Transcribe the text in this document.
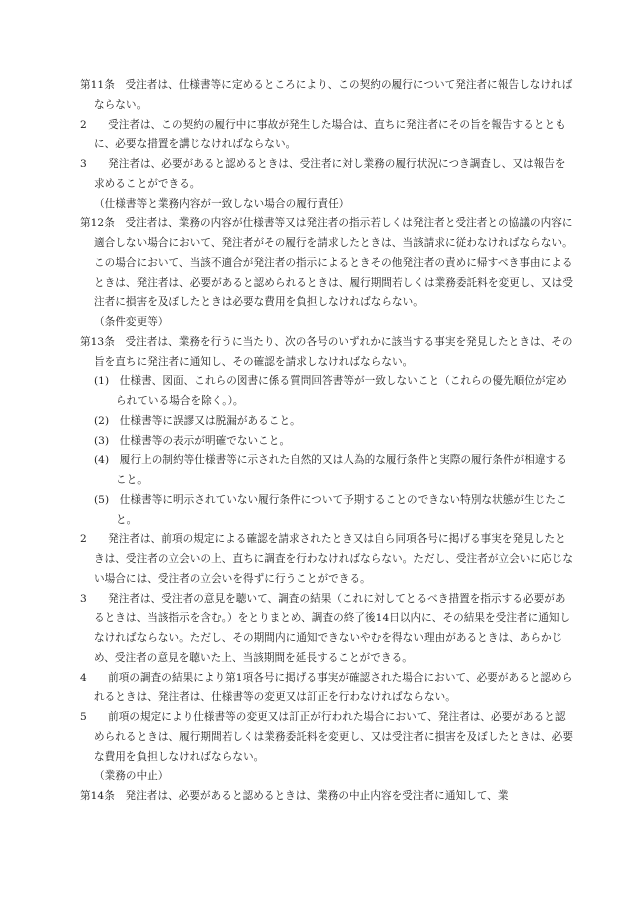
第11条　受注者は、仕様書等に定めるところにより、この契約の履行について発注者に報告しなければならない。

2　　受注者は、この契約の履行中に事故が発生した場合は、直ちに発注者にその旨を報告するとともに、必要な措置を講じなければならない。

3　　発注者は、必要があると認めるときは、受注者に対し業務の履行状況につき調査し、又は報告を求めることができる。

（仕様書等と業務内容が一致しない場合の履行責任）

第12条　受注者は、業務の内容が仕様書等又は発注者の指示若しくは発注者と受注者との協議の内容に適合しない場合において、発注者がその履行を請求したときは、当該請求に従わなければならない。この場合において、当該不適合が発注者の指示によるときその他発注者の責めに帰すべき事由によるときは、発注者は、必要があると認められるときは、履行期間若しくは業務委託料を変更し、又は受注者に損害を及ぼしたときは必要な費用を負担しなければならない。

（条件変更等）

第13条　受注者は、業務を行うに当たり、次の各号のいずれかに該当する事実を発見したときは、その旨を直ちに発注者に通知し、その確認を請求しなければならない。

(1)　仕様書、図面、これらの図書に係る質問回答書等が一致しないこと（これらの優先順位が定められている場合を除く。）。

(2)　仕様書等に誤謬又は脱漏があること。

(3)　仕様書等の表示が明確でないこと。

(4)　履行上の制約等仕様書等に示された自然的又は人為的な履行条件と実際の履行条件が相違すること。

(5)　仕様書等に明示されていない履行条件について予期することのできない特別な状態が生じたこと。

2　　発注者は、前項の規定による確認を請求されたとき又は自ら同項各号に掲げる事実を発見したときは、受注者の立会いの上、直ちに調査を行わなければならない。ただし、受注者が立会いに応じない場合には、受注者の立会いを得ずに行うことができる。

3　　発注者は、受注者の意見を聴いて、調査の結果（これに対してとるべき措置を指示する必要があるときは、当該指示を含む。）をとりまとめ、調査の終了後14日以内に、その結果を受注者に通知しなければならない。ただし、その期間内に通知できないやむを得ない理由があるときは、あらかじめ、受注者の意見を聴いた上、当該期間を延長することができる。

4　　前項の調査の結果により第1項各号に掲げる事実が確認された場合において、必要があると認められるときは、発注者は、仕様書等の変更又は訂正を行わなければならない。

5　　前項の規定により仕様書等の変更又は訂正が行われた場合において、発注者は、必要があると認められるときは、履行期間若しくは業務委託料を変更し、又は受注者に損害を及ぼしたときは、必要な費用を負担しなければならない。

（業務の中止）

第14条　発注者は、必要があると認めるときは、業務の中止内容を受注者に通知して、業
